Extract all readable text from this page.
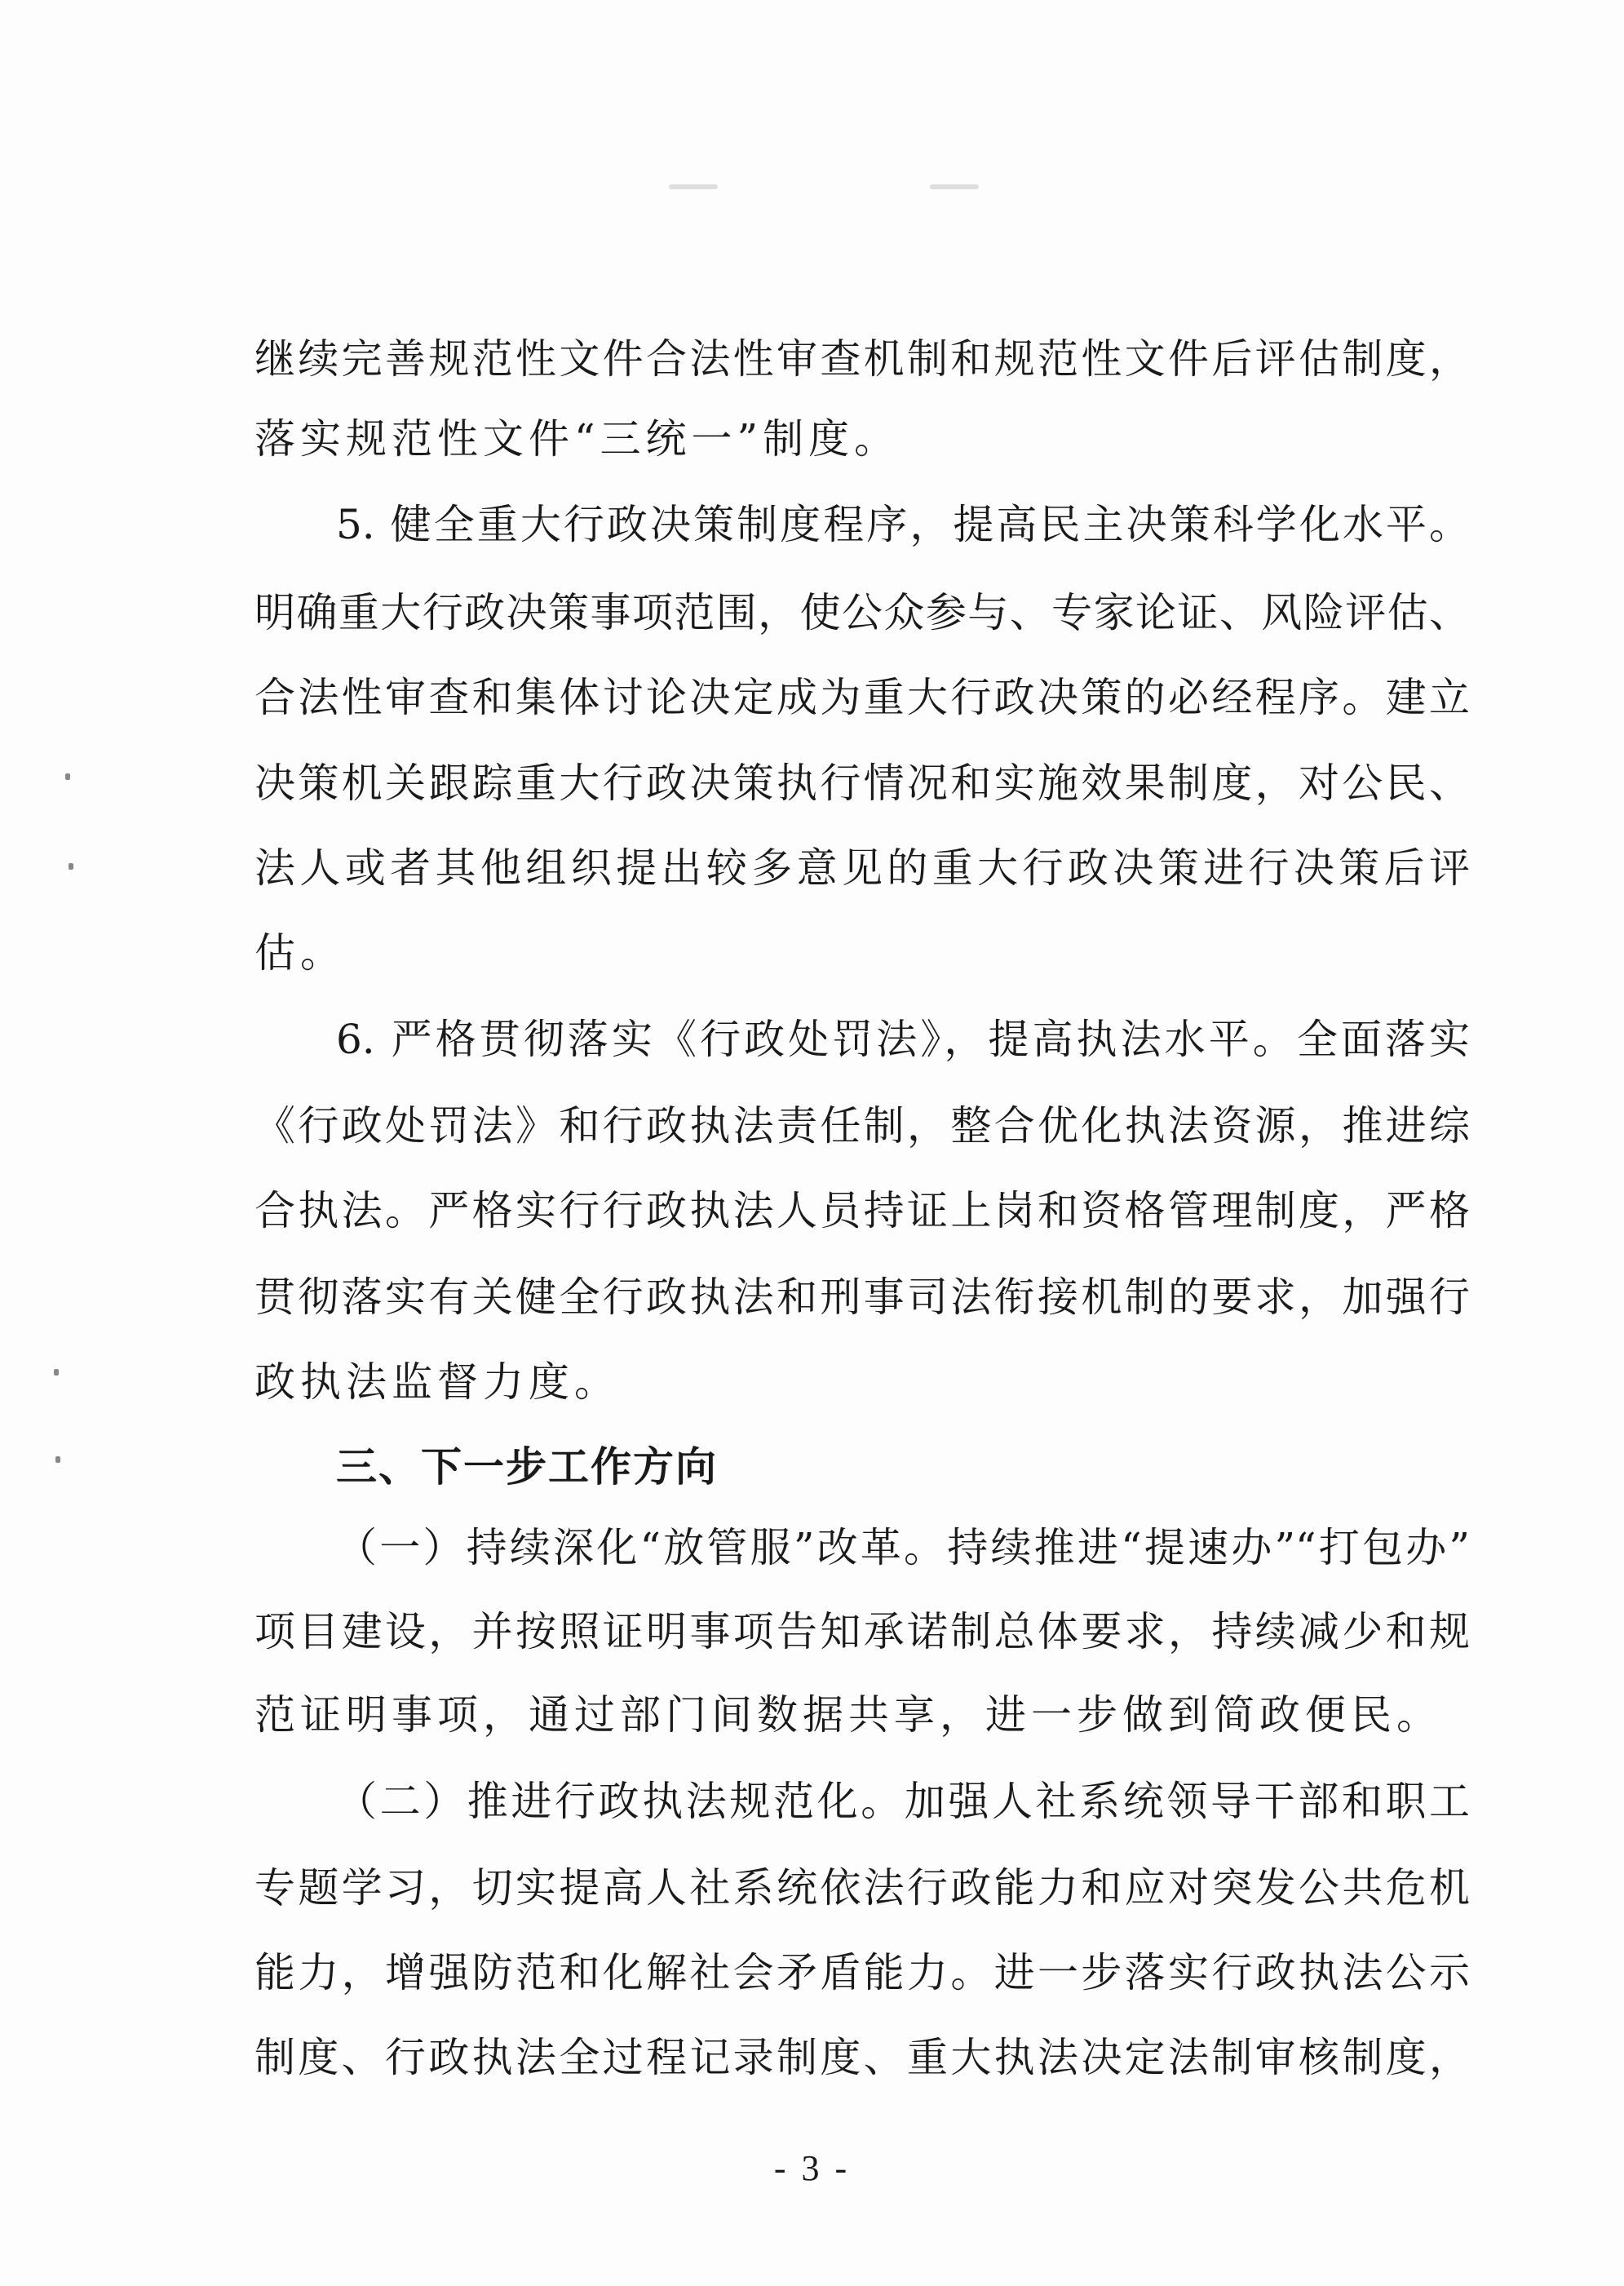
继续完善规范性文件合法性审查机制和规范性文件后评估制度，
落实规范性文件“三统一”制度。
5. 健全重大行政决策制度程序，提高民主决策科学化水平。
明确重大行政决策事项范围，使公众参与、专家论证、风险评估、
合法性审查和集体讨论决定成为重大行政决策的必经程序。建立
决策机关跟踪重大行政决策执行情况和实施效果制度，对公民、
法人或者其他组织提出较多意见的重大行政决策进行决策后评
估。
6. 严格贯彻落实《行政处罚法》，提高执法水平。全面落实
《行政处罚法》和行政执法责任制，整合优化执法资源，推进综
合执法。严格实行行政执法人员持证上岗和资格管理制度，严格
贯彻落实有关健全行政执法和刑事司法衔接机制的要求，加强行
政执法监督力度。
三、下一步工作方向
（一）持续深化“放管服”改革。持续推进“提速办”“打包办”
项目建设，并按照证明事项告知承诺制总体要求，持续减少和规
范证明事项，通过部门间数据共享，进一步做到简政便民。
（二）推进行政执法规范化。加强人社系统领导干部和职工
专题学习，切实提高人社系统依法行政能力和应对突发公共危机
能力，增强防范和化解社会矛盾能力。进一步落实行政执法公示
制度、行政执法全过程记录制度、重大执法决定法制审核制度，
- 3 -
